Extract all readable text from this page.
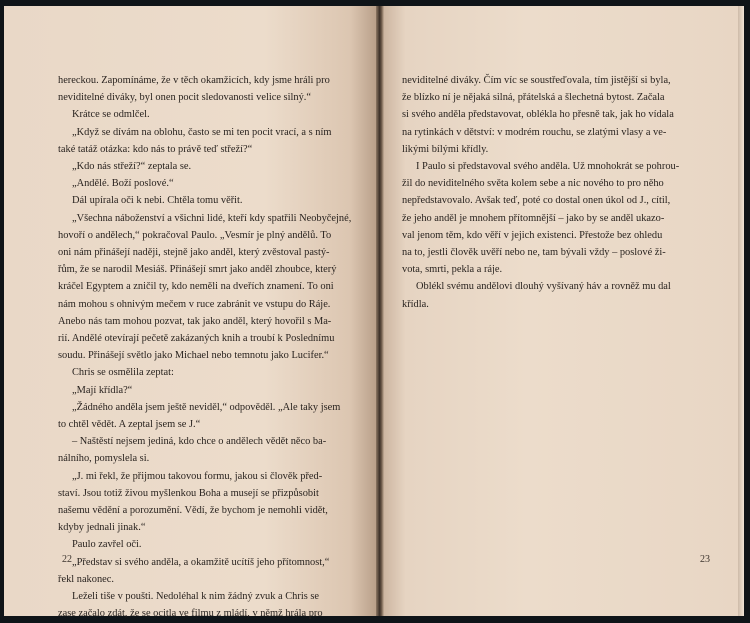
hereckou. Zapomínáme, že v těch okamžicích, kdy jsme hráli pro

neviditelné diváky, byl onen pocit sledovanosti velice silný.“

Krátce se odmlčel.

„Když se dívám na oblohu, často se mi ten pocit vrací, a s ním

také tatáž otázka: kdo nás to právě teď střeží?“

„Kdo nás střeží?“ zeptala se.

„Andělé. Boží poslové.“

Dál upírala oči k nebi. Chtěla tomu věřit.

„Všechna náboženství a všichni lidé, kteří kdy spatřili Neobyčejné,

hovoří o andělech,“ pokračoval Paulo. „Vesmír je plný andělů. To

oni nám přinášejí naději, stejně jako anděl, který zvěstoval pastý-

řům, že se narodil Mesiáš. Přinášejí smrt jako anděl zhoubce, který

kráčel Egyptem a zničil ty, kdo neměli na dveřích znamení. To oni

nám mohou s ohnivým mečem v ruce zabránit ve vstupu do Ráje.

Anebo nás tam mohou pozvat, tak jako anděl, který hovořil s Ma-

rií. Andělé otevírají pečetě zakázaných knih a troubí k Poslednímu

soudu. Přinášejí světlo jako Michael nebo temnotu jako Lucifer.“

Chris se osmělila zeptat:

„Mají křídla?“

„Žádného anděla jsem ještě neviděl,“ odpověděl. „Ale taky jsem

to chtěl vědět. A zeptal jsem se J.“

– Naštěstí nejsem jediná, kdo chce o andělech vědět něco ba-

nálního, pomyslela si.

„J. mi řekl, že přijmou takovou formu, jakou si člověk před-

staví. Jsou totiž živou myšlenkou Boha a musejí se přizpůsobit

našemu vědění a porozumění. Vědí, že bychom je nemohli vidět,

kdyby jednali jinak.“

Paulo zavřel oči.

„Představ si svého anděla, a okamžitě ucítíš jeho přítomnost,“

řekl nakonec.

Leželi tiše v poušti. Nedoléhal k nim žádný zvuk a Chris se

zase začalo zdát, že se ocitla ve filmu z mládí, v němž hrála pro

22

neviditelné diváky. Čím víc se soustřeďovala, tím jistější si byla,

že blízko ní je nějaká silná, přátelská a šlechetná bytost. Začala

si svého anděla představovat, oblékla ho přesně tak, jak ho vídala

na rytinkách v dětství: v modrém rouchu, se zlatými vlasy a ve-

likými bílými křídly.

I Paulo si představoval svého anděla. Už mnohokrát se pohrou-

žil do neviditelného světa kolem sebe a nic nového to pro něho

nepředstavovalo. Avšak teď, poté co dostal onen úkol od J., cítil,

že jeho anděl je mnohem přítomnější – jako by se anděl ukazo-

val jenom těm, kdo věří v jejich existenci. Přestože bez ohledu

na to, jestli člověk uvěří nebo ne, tam bývali vždy – poslové ži-

vota, smrti, pekla a ráje.

Oblékl svému andělovi dlouhý vyšívaný háv a rovněž mu dal

křídla.

23
